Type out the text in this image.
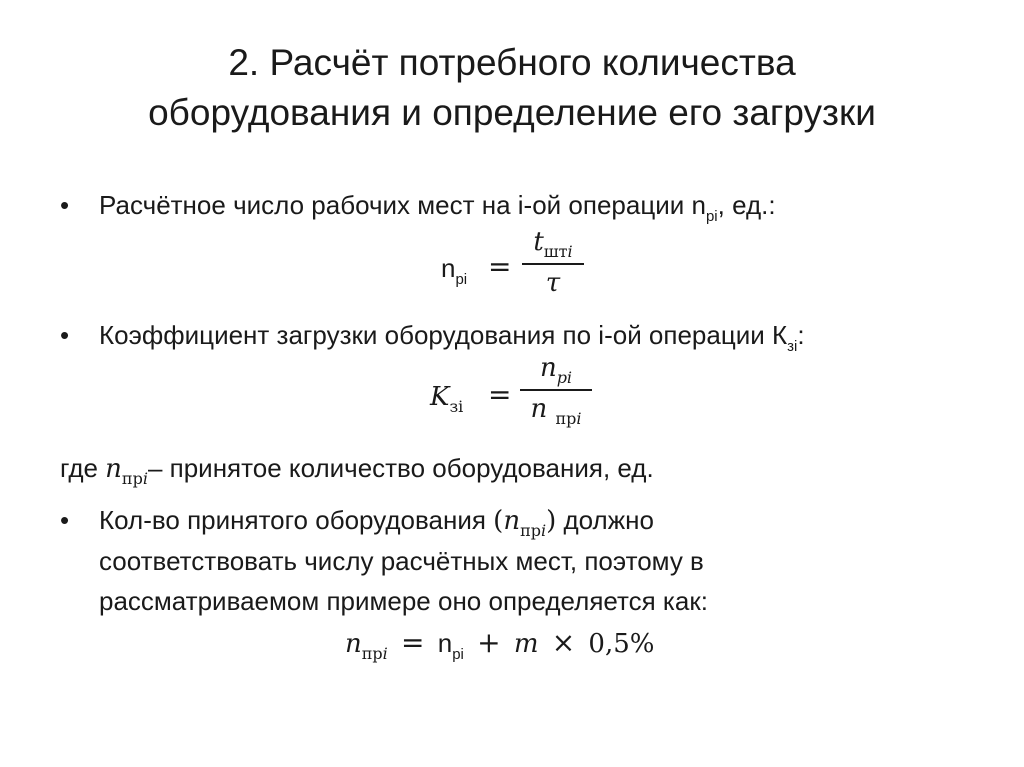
2. Расчёт потребного количества
оборудования и определение его загрузки
• Расчётное число рабочих мест на i-ой операции $n_{pi}$, ед.:
$n_{pi}$ =
$t_{штi}$
τ
• Коэффициент загрузки оборудования по i-ой операции $К_{зi}$:
$K_{зi}$ =
$n_{pi}$
n $_{прi}$
где $n_{прi}-$ принятое количество оборудования, ед.
• Кол-во принятого оборудования $(n_{прi})$ должно
соответствовать числу расчётных мест, поэтому в
рассматриваемом примере оно определяется как:
$n_{прi} = n_{pi} + m \times 0,5\%$
